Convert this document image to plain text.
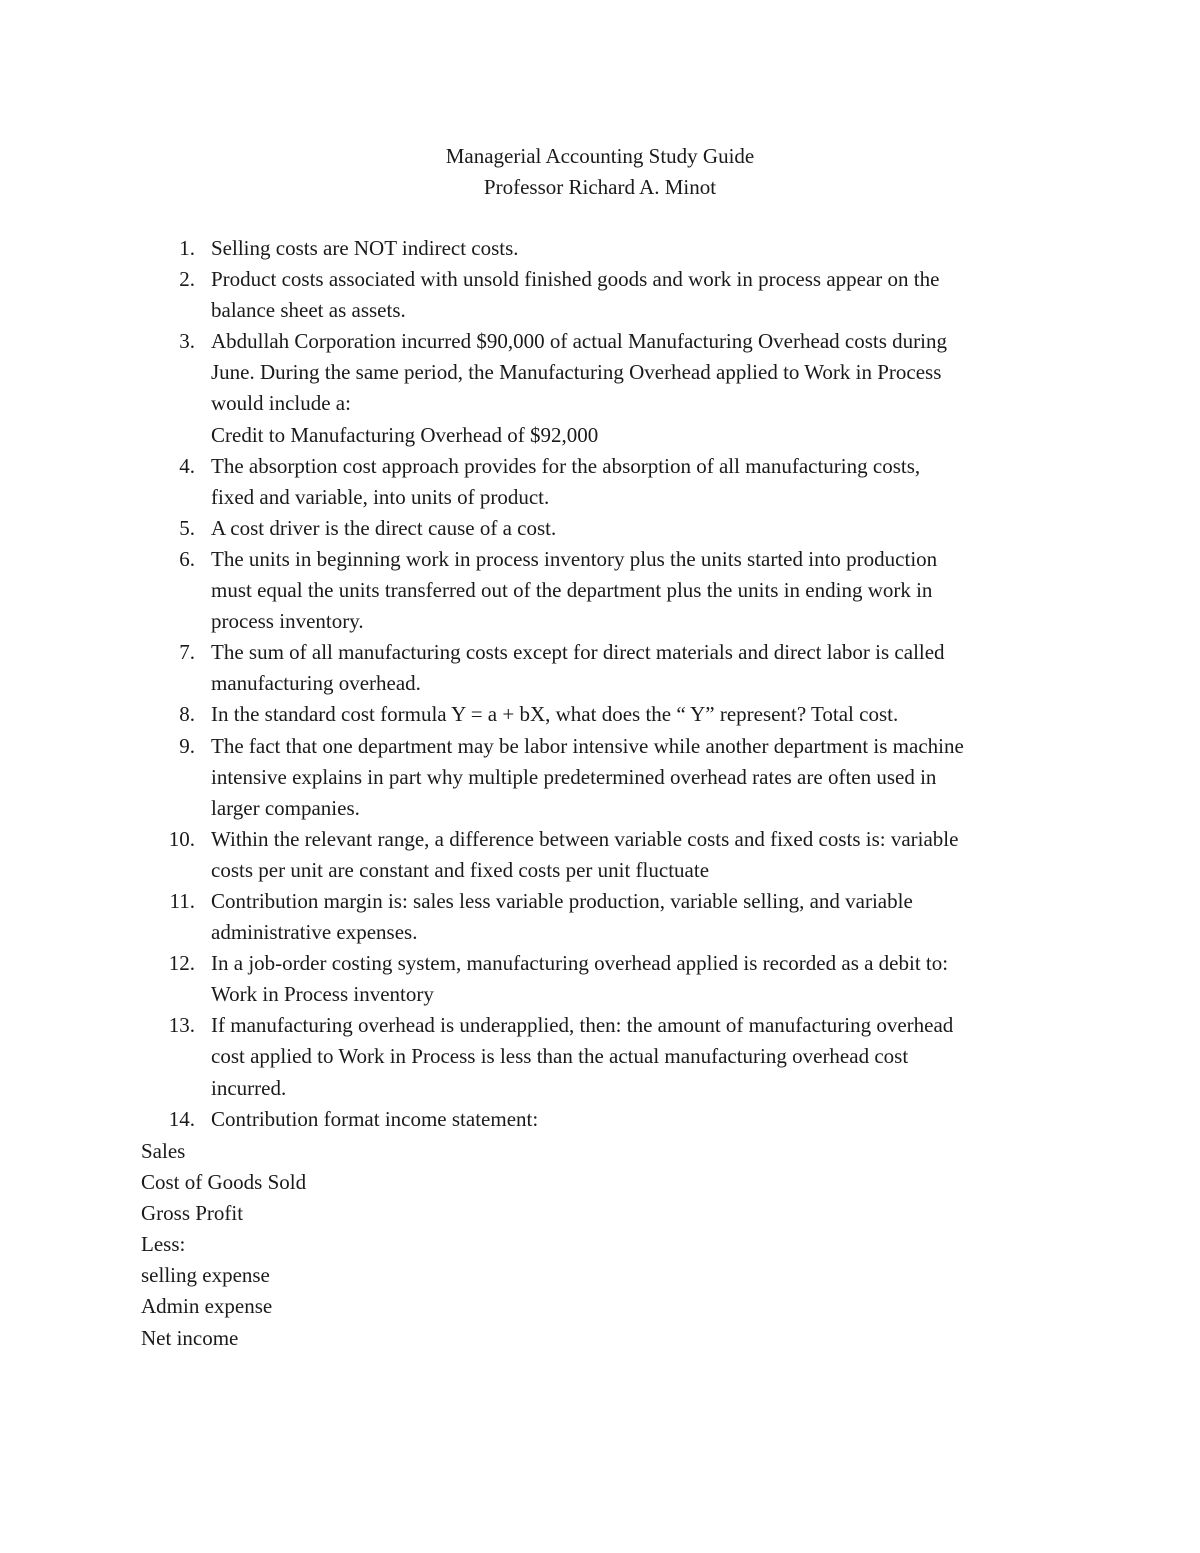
Managerial Accounting Study Guide
Professor Richard A. Minot
1. Selling costs are NOT indirect costs.
2. Product costs associated with unsold finished goods and work in process appear on the
balance sheet as assets.
3. Abdullah Corporation incurred $90,000 of actual Manufacturing Overhead costs during
June. During the same period, the Manufacturing Overhead applied to Work in Process
would include a:
Credit to Manufacturing Overhead of $92,000
4. The absorption cost approach provides for the absorption of all manufacturing costs,
fixed and variable, into units of product.
5. A cost driver is the direct cause of a cost.
6. The units in beginning work in process inventory plus the units started into production
must equal the units transferred out of the department plus the units in ending work in
process inventory.
7. The sum of all manufacturing costs except for direct materials and direct labor is called
manufacturing overhead.
8. In the standard cost formula Y = a + bX, what does the “ Y” represent? Total cost.
9. The fact that one department may be labor intensive while another department is machine
intensive explains in part why multiple predetermined overhead rates are often used in
larger companies.
10. Within the relevant range, a difference between variable costs and fixed costs is: variable
costs per unit are constant and fixed costs per unit fluctuate
11. Contribution margin is: sales less variable production, variable selling, and variable
administrative expenses.
12. In a job-order costing system, manufacturing overhead applied is recorded as a debit to:
Work in Process inventory
13. If manufacturing overhead is underapplied, then: the amount of manufacturing overhead
cost applied to Work in Process is less than the actual manufacturing overhead cost
incurred.
14. Contribution format income statement:
Sales
Cost of Goods Sold
Gross Profit
Less:
selling expense
Admin expense
Net income
